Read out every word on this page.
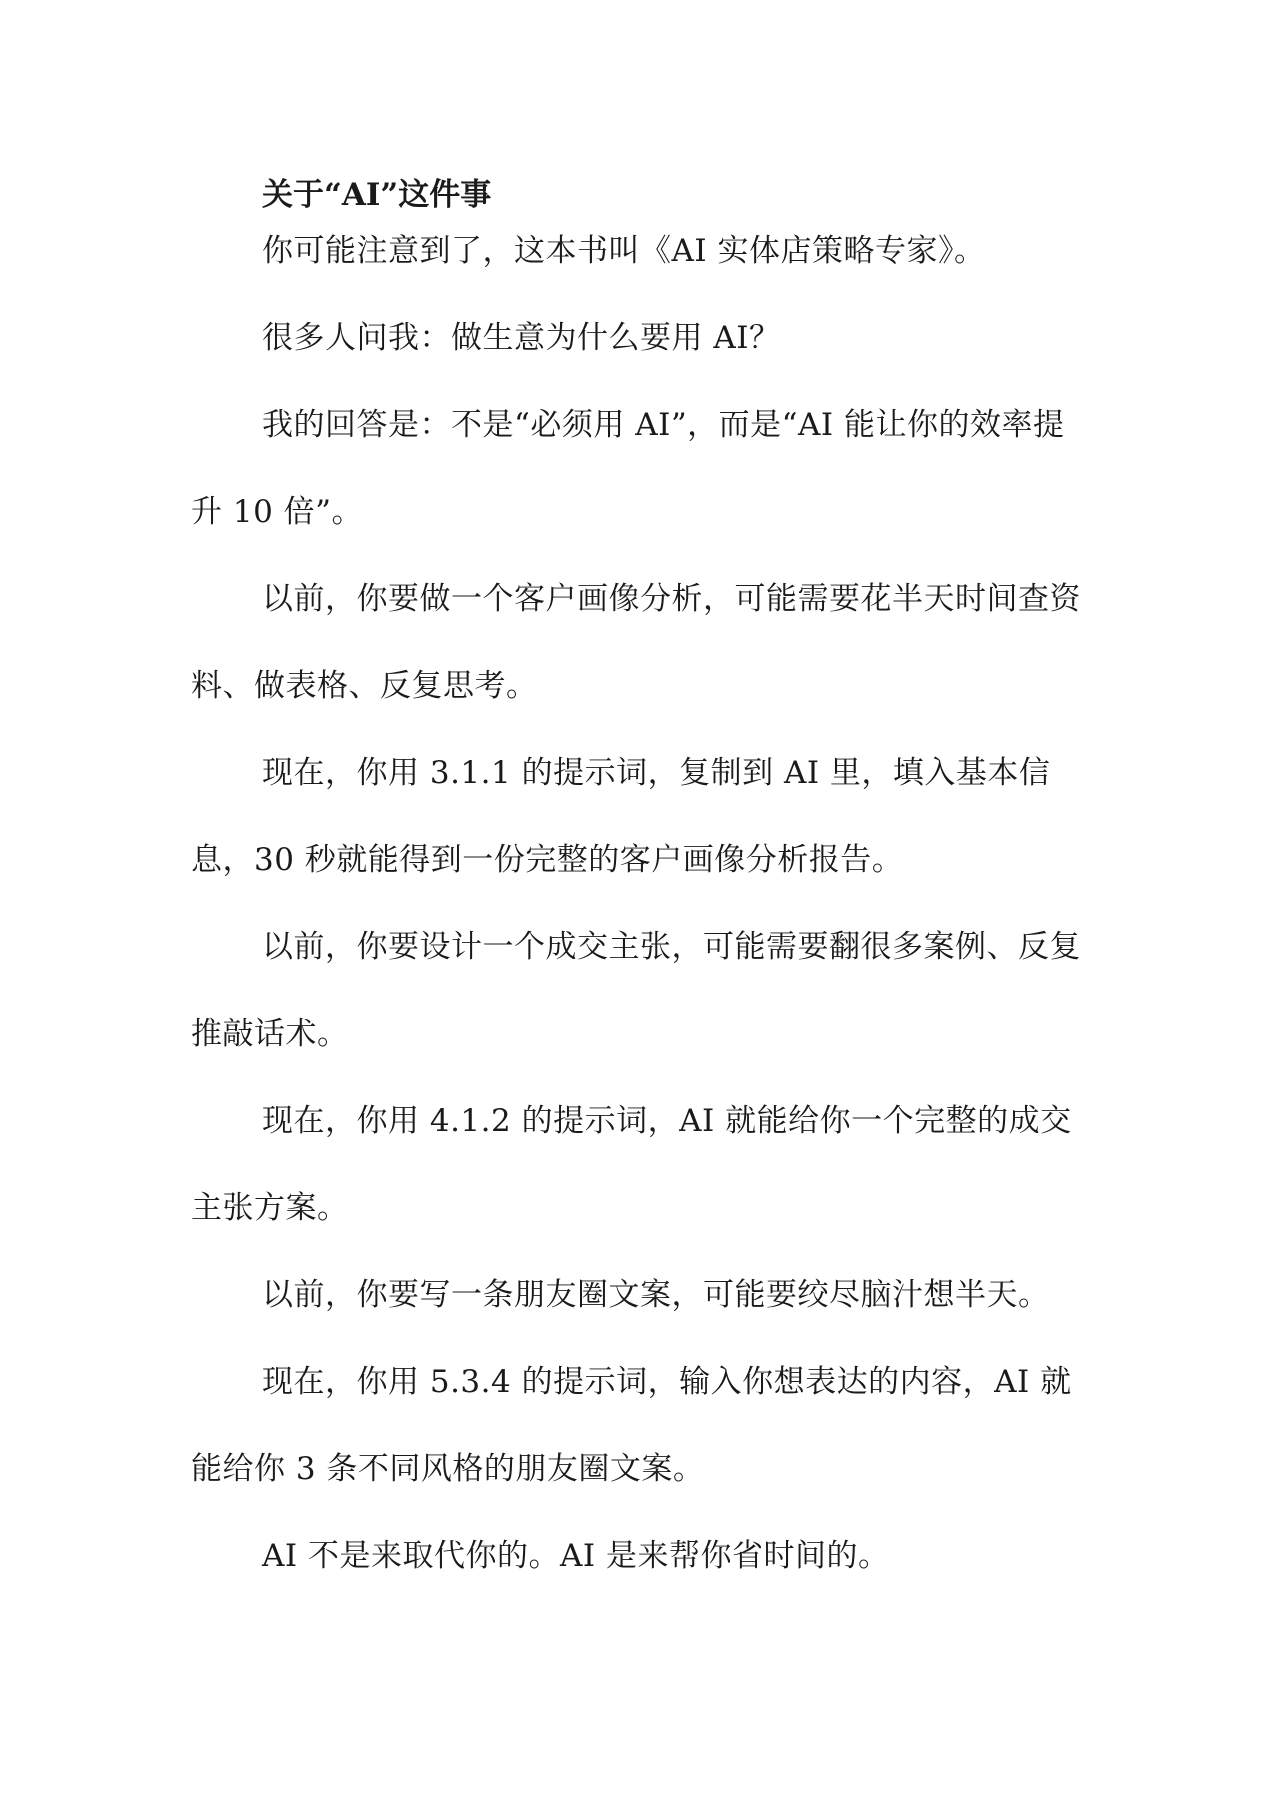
关于“AI”这件事

你可能注意到了，这本书叫《AI 实体店策略专家》。

很多人问我：做生意为什么要用 AI？

我的回答是：不是“必须用 AI”，而是“AI 能让你的效率提升 10 倍”。

以前，你要做一个客户画像分析，可能需要花半天时间查资料、做表格、反复思考。

现在，你用 3.1.1 的提示词，复制到 AI 里，填入基本信息，30 秒就能得到一份完整的客户画像分析报告。

以前，你要设计一个成交主张，可能需要翻很多案例、反复推敲话术。

现在，你用 4.1.2 的提示词，AI 就能给你一个完整的成交主张方案。

以前，你要写一条朋友圈文案，可能要绞尽脑汁想半天。

现在，你用 5.3.4 的提示词，输入你想表达的内容，AI 就能给你 3 条不同风格的朋友圈文案。

AI 不是来取代你的。AI 是来帮你省时间的。
